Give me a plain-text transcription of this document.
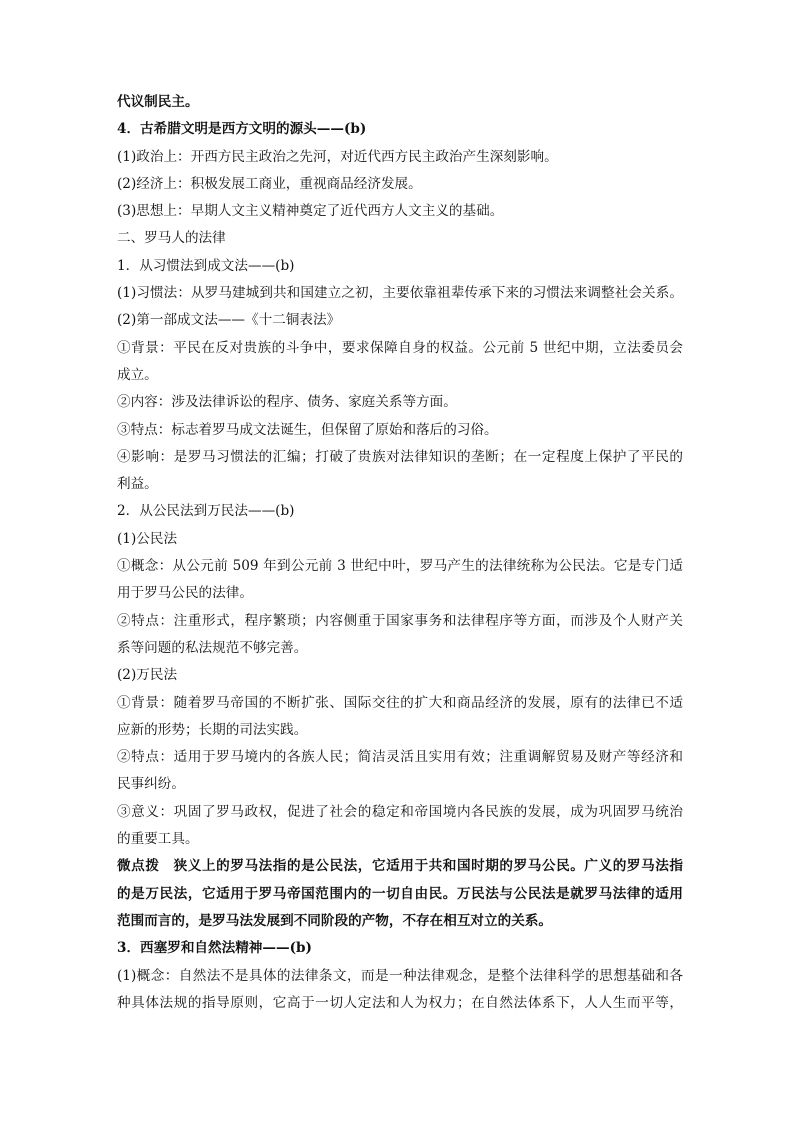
代议制民主。
4．古希腊文明是西方文明的源头——(b)
(1)政治上：开西方民主政治之先河，对近代西方民主政治产生深刻影响。
(2)经济上：积极发展工商业，重视商品经济发展。
(3)思想上：早期人文主义精神奠定了近代西方人文主义的基础。
二、罗马人的法律
1．从习惯法到成文法——(b)
(1)习惯法：从罗马建城到共和国建立之初，主要依靠祖辈传承下来的习惯法来调整社会关系。
(2)第一部成文法——《十二铜表法》
①背景：平民在反对贵族的斗争中，要求保障自身的权益。公元前 5 世纪中期，立法委员会
成立。
②内容：涉及法律诉讼的程序、债务、家庭关系等方面。
③特点：标志着罗马成文法诞生，但保留了原始和落后的习俗。
④影响：是罗马习惯法的汇编；打破了贵族对法律知识的垄断；在一定程度上保护了平民的
利益。
2．从公民法到万民法——(b)
(1)公民法
①概念：从公元前 509 年到公元前 3 世纪中叶，罗马产生的法律统称为公民法。它是专门适
用于罗马公民的法律。
②特点：注重形式，程序繁琐；内容侧重于国家事务和法律程序等方面，而涉及个人财产关
系等问题的私法规范不够完善。
(2)万民法
①背景：随着罗马帝国的不断扩张、国际交往的扩大和商品经济的发展，原有的法律已不适
应新的形势；长期的司法实践。
②特点：适用于罗马境内的各族人民；简洁灵活且实用有效；注重调解贸易及财产等经济和
民事纠纷。
③意义：巩固了罗马政权，促进了社会的稳定和帝国境内各民族的发展，成为巩固罗马统治
的重要工具。
微点拨　狭义上的罗马法指的是公民法，它适用于共和国时期的罗马公民。广义的罗马法指
的是万民法，它适用于罗马帝国范围内的一切自由民。万民法与公民法是就罗马法律的适用
范围而言的，是罗马法发展到不同阶段的产物，不存在相互对立的关系。
3．西塞罗和自然法精神——(b)
(1)概念：自然法不是具体的法律条文，而是一种法律观念，是整个法律科学的思想基础和各
种具体法规的指导原则，它高于一切人定法和人为权力；在自然法体系下，人人生而平等，
